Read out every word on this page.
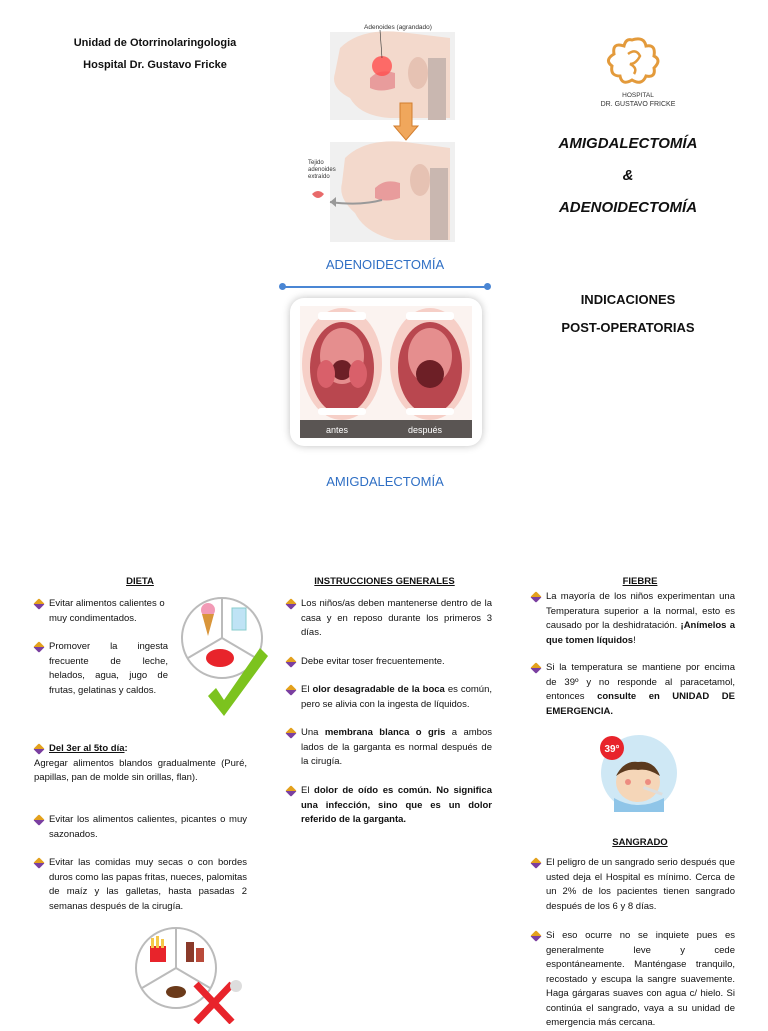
Unidad de Otorrinolaringologia
Hospital Dr. Gustavo Fricke
Adenoides (agrandado)
Tejido
adenoides
extraído
ADENOIDECTOMÍA
antes	después
AMIGDALECTOMÍA
HOSPITAL
DR. GUSTAVO FRICKE
AMIGDALECTOMÍA
&
ADENOIDECTOMÍA
INDICACIONES
POST-OPERATORIAS
DIETA

Evitar alimentos calientes o muy condimentados.

Promover la ingesta frecuente de leche, helados, agua, jugo de frutas, gelatinas y caldos.

Del 3er al 5to día:

Agregar alimentos blandos gradualmente (Puré, papillas, pan de molde sin orillas, flan).

Evitar los alimentos calientes, picantes o muy sazonados.

Evitar las comidas muy secas o con bordes duros como las papas fritas, nueces, palomitas de maíz y las galletas, hasta pasadas 2 semanas después de la cirugía.

INSTRUCCIONES GENERALES

Los niños/as deben mantenerse dentro de la casa y en reposo durante los primeros 3 días.

Debe evitar toser frecuentemente.

El olor desagradable de la boca es común, pero se alivia con la ingesta de líquidos.

Una membrana blanca o gris a ambos lados de la garganta es normal después de la cirugía.

El dolor de oído es común. No significa una infección, sino que es un dolor referido de la garganta.

FIEBRE

La mayoría de los niños experimentan una Temperatura superior a la normal, esto es causado por la deshidratación. ¡Anímelos a que tomen líquidos!

Si la temperatura se mantiene por encima de 39º y no responde al paracetamol, entonces consulte en UNIDAD DE EMERGENCIA.

39°
SANGRADO

El peligro de un sangrado serio después que usted deja el Hospital es mínimo. Cerca de un 2% de los pacientes tienen sangrado después de los 6 y 8 días.

Si eso ocurre no se inquiete pues es generalmente leve y cede espontáneamente. Manténgase tranquilo, recostado y escupa la sangre suavemente. Haga gárgaras suaves con agua c/ hielo. Si continúa el sangrado, vaya a su unidad de emergencia más cercana.
